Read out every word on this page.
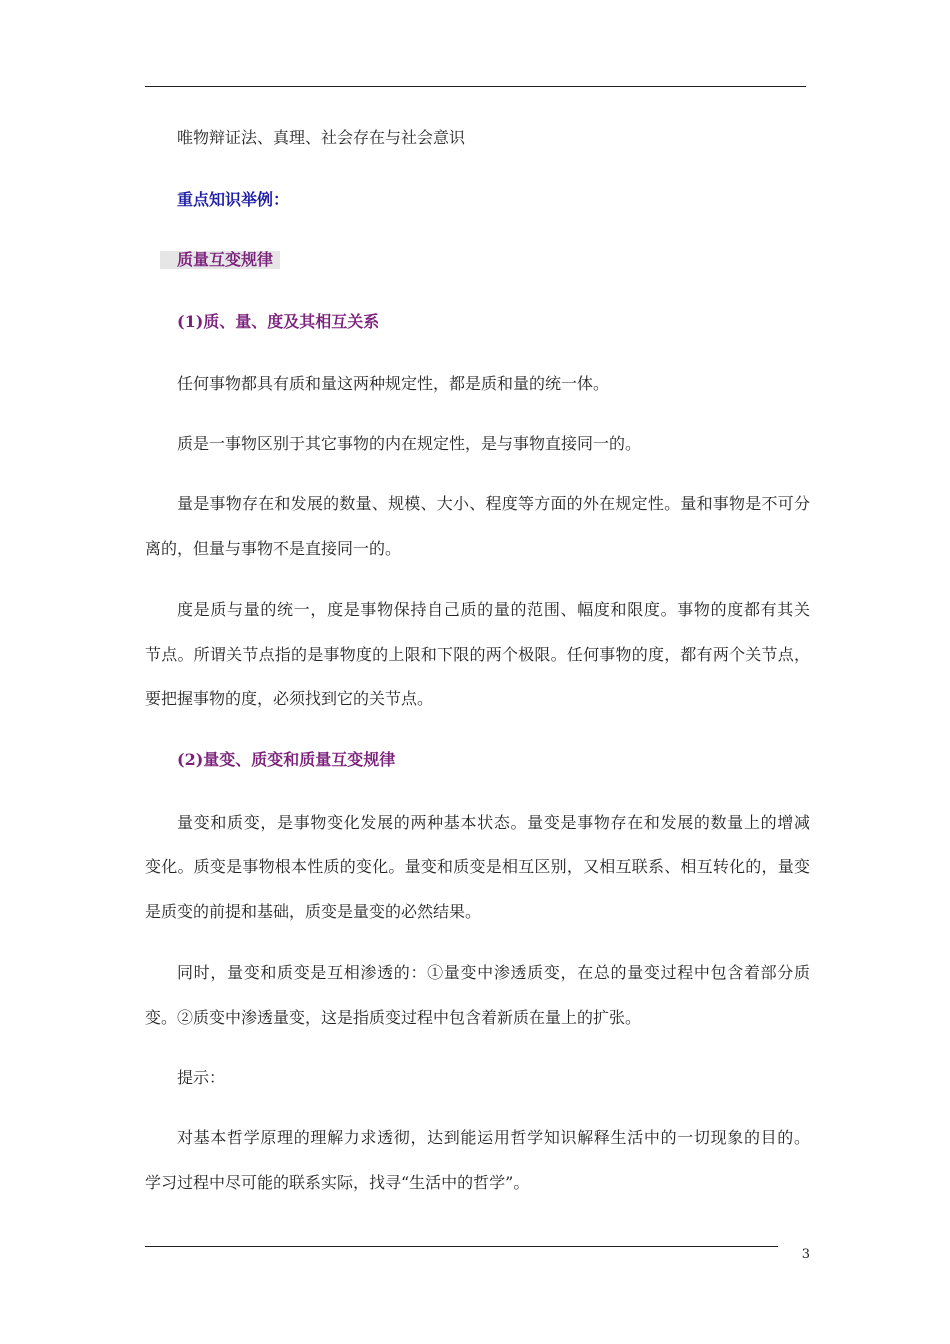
唯物辩证法、真理、社会存在与社会意识
重点知识举例：
质量互变规律
(1)质、量、度及其相互关系
任何事物都具有质和量这两种规定性，都是质和量的统一体。
质是一事物区别于其它事物的内在规定性，是与事物直接同一的。
量是事物存在和发展的数量、规模、大小、程度等方面的外在规定性。量和事物是不可分
离的，但量与事物不是直接同一的。
度是质与量的统一，度是事物保持自己质的量的范围、幅度和限度。事物的度都有其关
节点。所谓关节点指的是事物度的上限和下限的两个极限。任何事物的度，都有两个关节点，
要把握事物的度，必须找到它的关节点。
(2)量变、质变和质量互变规律
量变和质变，是事物变化发展的两种基本状态。量变是事物存在和发展的数量上的增减
变化。质变是事物根本性质的变化。量变和质变是相互区别，又相互联系、相互转化的，量变
是质变的前提和基础，质变是量变的必然结果。
同时，量变和质变是互相渗透的：①量变中渗透质变，在总的量变过程中包含着部分质
变。②质变中渗透量变，这是指质变过程中包含着新质在量上的扩张。
提示：
对基本哲学原理的理解力求透彻，达到能运用哲学知识解释生活中的一切现象的目的。
学习过程中尽可能的联系实际，找寻“生活中的哲学”。
3
